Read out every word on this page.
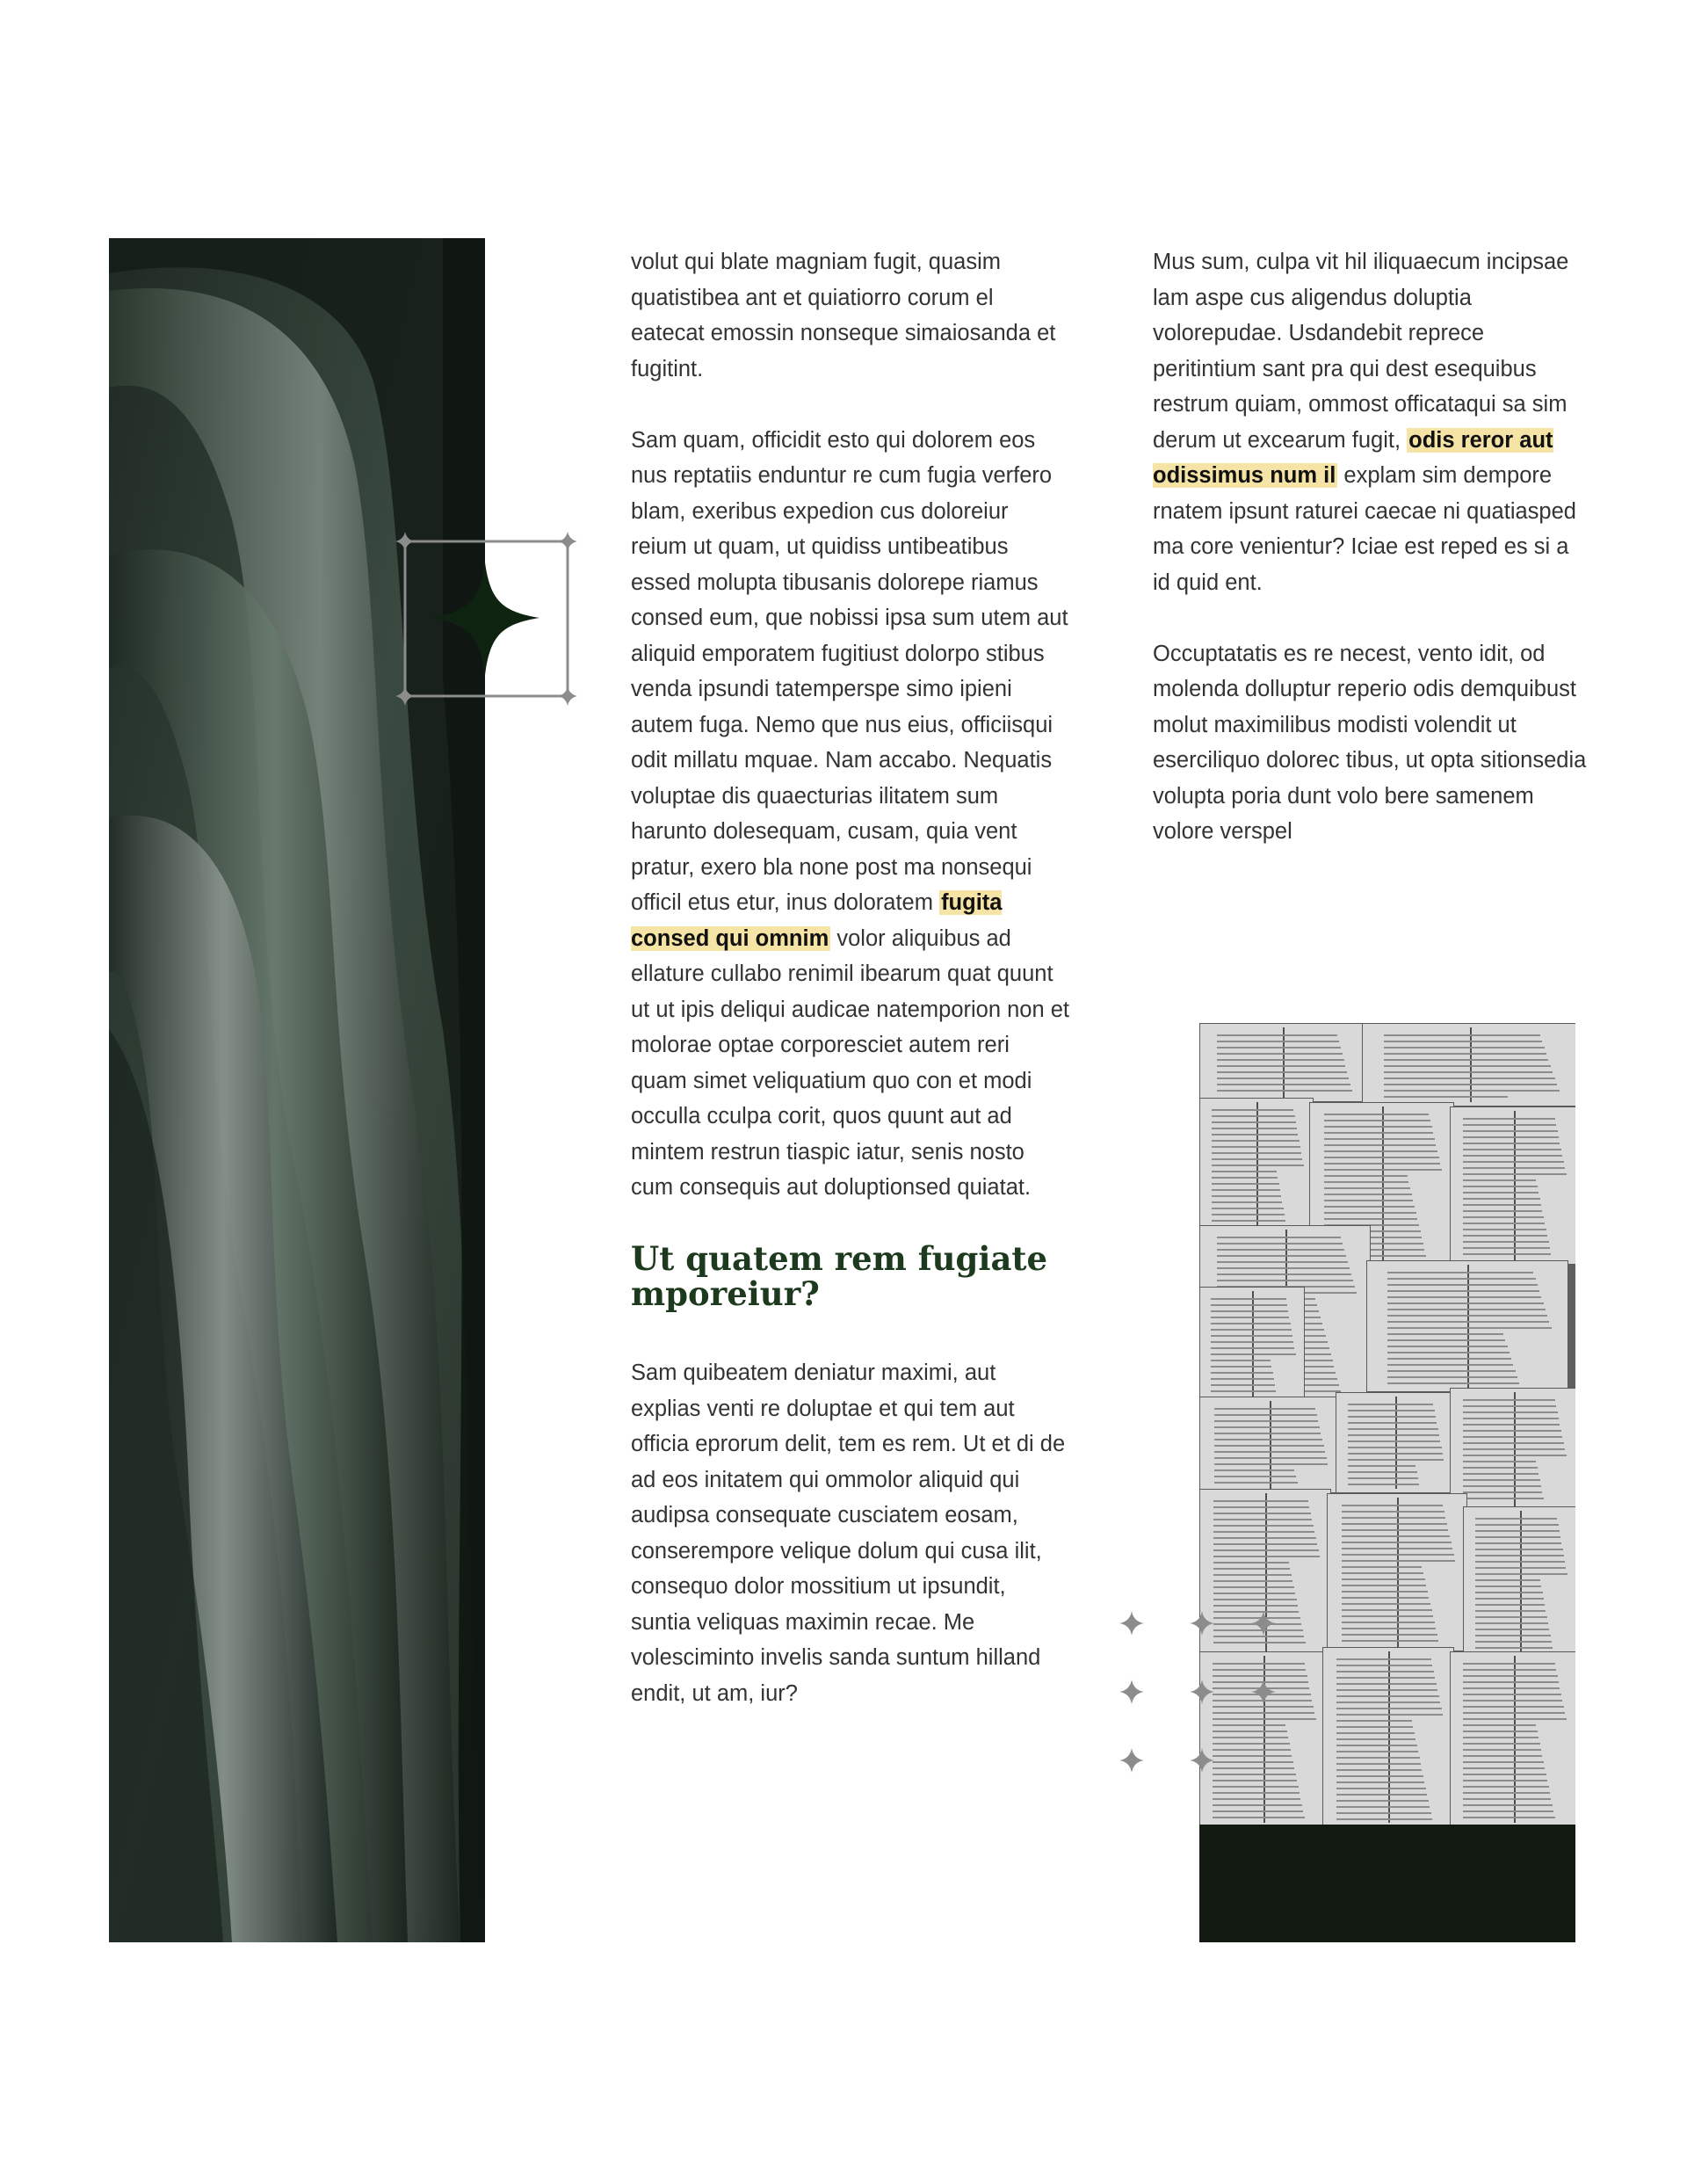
volut qui blate magniam fugit, quasim quatistibea ant et quiatiorro corum el eatecat emossin nonseque simaiosanda et fugitint.

Sam quam, officidit esto qui dolorem eos nus reptatiis enduntur re cum fugia verfero blam, exeribus expedion cus doloreiur reium ut quam, ut quidiss untibeatibus essed molupta tibusanis dolorepe riamus consed eum, que nobissi ipsa sum utem aut aliquid emporatem fugitiust dolorpo stibus venda ipsundi tatemperspe simo ipieni autem fuga. Nemo que nus eius, officiisqui odit millatu mquae. Nam accabo. Nequatis voluptae dis quaecturias ilitatem sum harunto dolesequam, cusam, quia vent pratur, exero bla none post ma nonsequi officil etus etur, inus doloratem fugita consed qui omnim volor aliquibus ad ellature cullabo renimil ibearum quat quunt ut ut ipis deliqui audicae natemporion non et molorae optae corporesciet autem reri quam simet veliquatium quo con et modi occulla cculpa corit, quos quunt aut ad mintem restrun tiaspic iatur, senis nosto cum consequis aut doluptionsed quiatat.

Ut quatem rem fugiate mporeiur?

Sam quibeatem deniatur maximi, aut explias venti re doluptae et qui tem aut officia eprorum delit, tem es rem. Ut et di de ad eos initatem qui ommolor aliquid qui audipsa consequate cusciatem eosam, conserempore velique dolum qui cusa ilit, consequo dolor mossitium ut ipsundit, suntia veliquas maximin recae. Me volesciminto invelis sanda suntum hilland endit, ut am, iur?

Mus sum, culpa vit hil iliquaecum incipsae lam aspe cus aligendus doluptia volorepudae. Usdandebit reprece peritintium sant pra qui dest esequibus restrum quiam, ommost officataqui sa sim derum ut excearum fugit, odis reror aut odissimus num il explam sim dempore rnatem ipsunt raturei caecae ni quatiasped ma core venientur? Iciae est reped es si a id quid ent.

Occuptatatis es re necest, vento idit, od molenda dolluptur reperio odis demquibust molut maximilibus modisti volendit ut eserciliquo dolorec tibus, ut opta sitionsedia volupta poria dunt volo bere samenem volore verspel
